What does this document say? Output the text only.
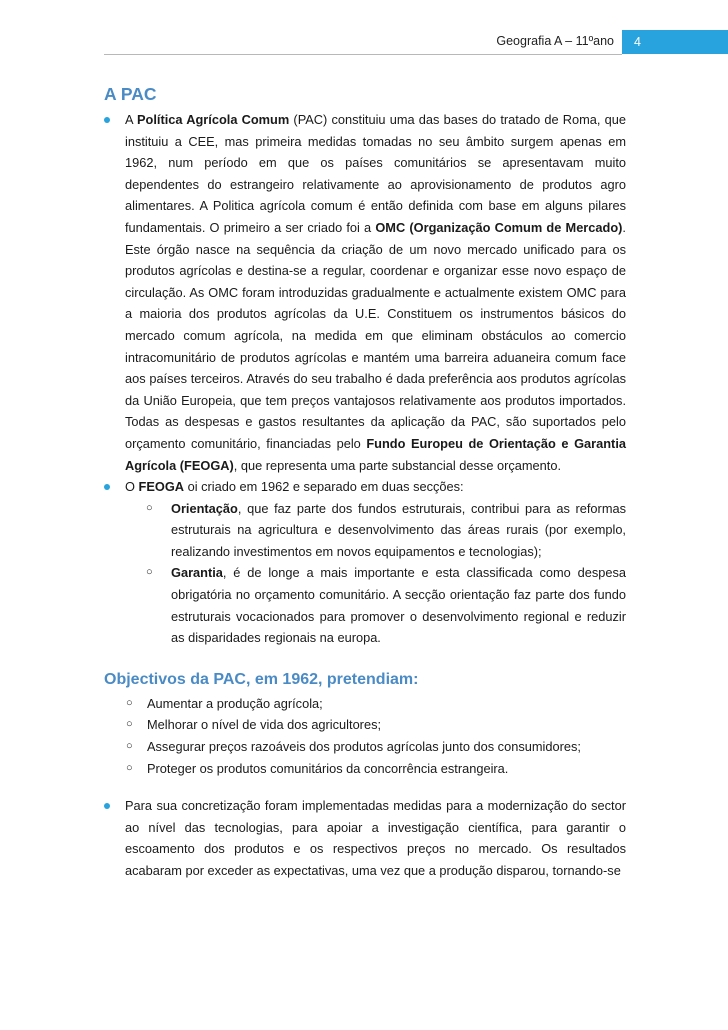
Geografia A – 11ºano	4
A PAC
A Política Agrícola Comum (PAC) constituiu uma das bases do tratado de Roma, que instituiu a CEE, mas primeira medidas tomadas no seu âmbito surgem apenas em 1962, num período em que os países comunitários se apresentavam muito dependentes do estrangeiro relativamente ao aprovisionamento de produtos agro alimentares. A Politica agrícola comum é então definida com base em alguns pilares fundamentais. O primeiro a ser criado foi a OMC (Organização Comum de Mercado). Este órgão nasce na sequência da criação de um novo mercado unificado para os produtos agrícolas e destina-se a regular, coordenar e organizar esse novo espaço de circulação. As OMC foram introduzidas gradualmente e actualmente existem OMC para a maioria dos produtos agrícolas da U.E. Constituem os instrumentos básicos do mercado comum agrícola, na medida em que eliminam obstáculos ao comercio intracomunitário de produtos agrícolas e mantém uma barreira aduaneira comum face aos países terceiros. Através do seu trabalho é dada preferência aos produtos agrícolas da União Europeia, que tem preços vantajosos relativamente aos produtos importados. Todas as despesas e gastos resultantes da aplicação da PAC, são suportados pelo orçamento comunitário, financiadas pelo Fundo Europeu de Orientação e Garantia Agrícola (FEOGA), que representa uma parte substancial desse orçamento.
O FEOGA oi criado em 1962 e separado em duas secções:
○ Orientação, que faz parte dos fundos estruturais, contribui para as reformas estruturais na agricultura e desenvolvimento das áreas rurais (por exemplo, realizando investimentos em novos equipamentos e tecnologias);
○ Garantia, é de longe a mais importante e esta classificada como despesa obrigatória no orçamento comunitário. A secção orientação faz parte dos fundo estruturais vocacionados para promover o desenvolvimento regional e reduzir as disparidades regionais na europa.
Objectivos da PAC, em 1962, pretendiam:
○ Aumentar a produção agrícola;
○ Melhorar o nível de vida dos agricultores;
○ Assegurar preços razoáveis dos produtos agrícolas junto dos consumidores;
○ Proteger os produtos comunitários da concorrência estrangeira.
Para sua concretização foram implementadas medidas para a modernização do sector ao nível das tecnologias, para apoiar a investigação científica, para garantir o escoamento dos produtos e os respectivos preços no mercado. Os resultados acabaram por exceder as expectativas, uma vez que a produção disparou, tornando-se
